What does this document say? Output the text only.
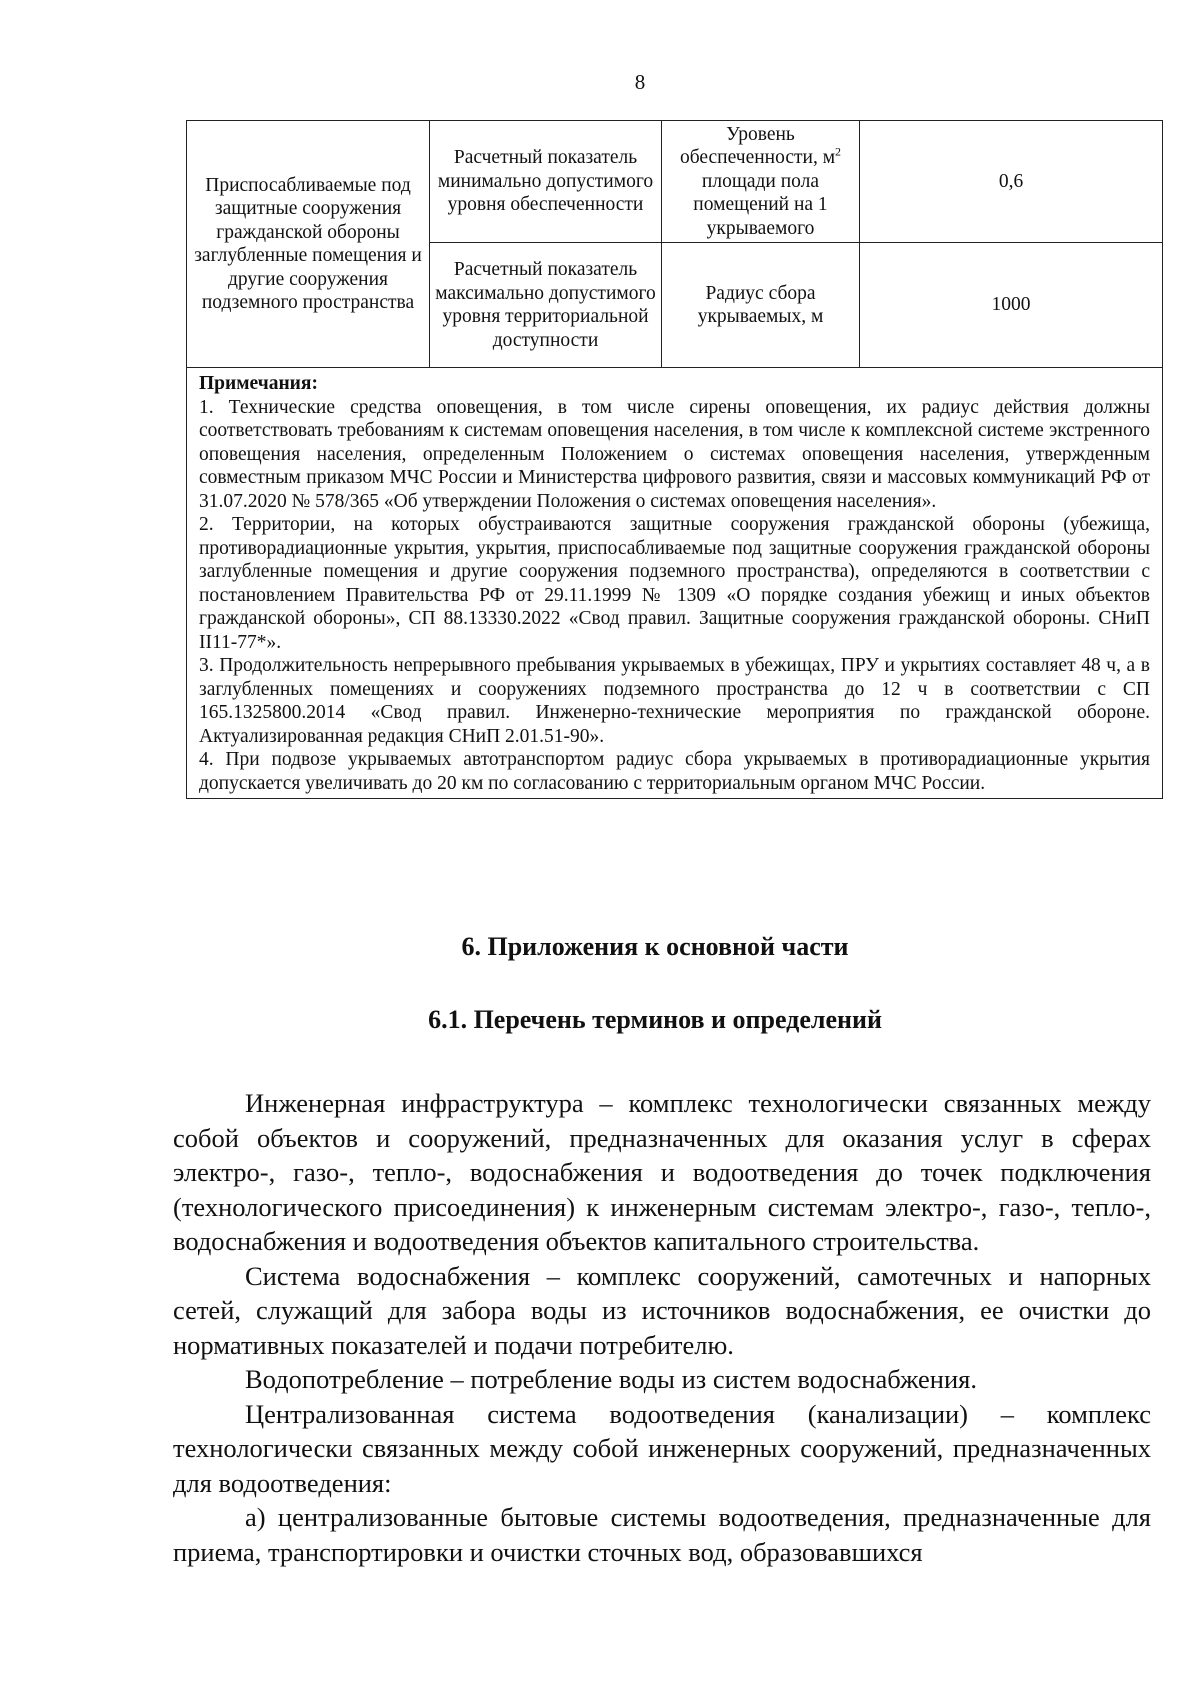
8
Приспосабливаемые под защитные сооружения гражданской обороны заглубленные помещения и другие сооружения подземного пространства	Расчетный показатель минимально допустимого уровня обеспеченности	Уровень обеспеченности, $м^2$ площади пола помещений на 1 укрываемого	0,6
	Расчетный показатель максимально допустимого уровня территориальной доступности	Радиус сбора укрываемых, м	1000

Примечания:

1. Технические средства оповещения, в том числе сирены оповещения, их радиус действия должны соответствовать требованиям к системам оповещения населения, в том числе к комплексной системе экстренного оповещения населения, определенным Положением о системах оповещения населения, утвержденным совместным приказом МЧС России и Министерства цифрового развития, связи и массовых коммуникаций РФ от 31.07.2020 № 578/365 «Об утверждении Положения о системах оповещения населения».

2. Территории, на которых обустраиваются защитные сооружения гражданской обороны (убежища, противорадиационные укрытия, укрытия, приспосабливаемые под защитные сооружения гражданской обороны заглубленные помещения и другие сооружения подземного пространства), определяются в соответствии с постановлением Правительства РФ от 29.11.1999 № 1309 «О порядке создания убежищ и иных объектов гражданской обороны», СП 88.13330.2022 «Свод правил. Защитные сооружения гражданской обороны. СНиП II11-77*».

3. Продолжительность непрерывного пребывания укрываемых в убежищах, ПРУ и укрытиях составляет 48 ч, а в заглубленных помещениях и сооружениях подземного пространства до 12 ч в соответствии с СП 165.1325800.2014 «Свод правил. Инженерно-технические мероприятия по гражданской обороне. Актуализированная редакция СНиП 2.01.51-90».

4. При подвозе укрываемых автотранспортом радиус сбора укрываемых в противорадиационные укрытия допускается увеличивать до 20 км по согласованию с территориальным органом МЧС России.			

6. Приложения к основной части
6.1. Перечень терминов и определений

Инженерная инфраструктура – комплекс технологически связанных между собой объектов и сооружений, предназначенных для оказания услуг в сферах электро-, газо-, тепло-, водоснабжения и водоотведения до точек подключения (технологического присоединения) к инженерным системам электро-, газо-, тепло-, водоснабжения и водоотведения объектов капитального строительства.

Система водоснабжения – комплекс сооружений, самотечных и напорных сетей, служащий для забора воды из источников водоснабжения, ее очистки до нормативных показателей и подачи потребителю.

Водопотребление – потребление воды из систем водоснабжения.

Централизованная система водоотведения (канализации) – комплекс технологически связанных между собой инженерных сооружений, предназначенных для водоотведения:

а) централизованные бытовые системы водоотведения, предназначенные для приема, транспортировки и очистки сточных вод, образовавшихся
